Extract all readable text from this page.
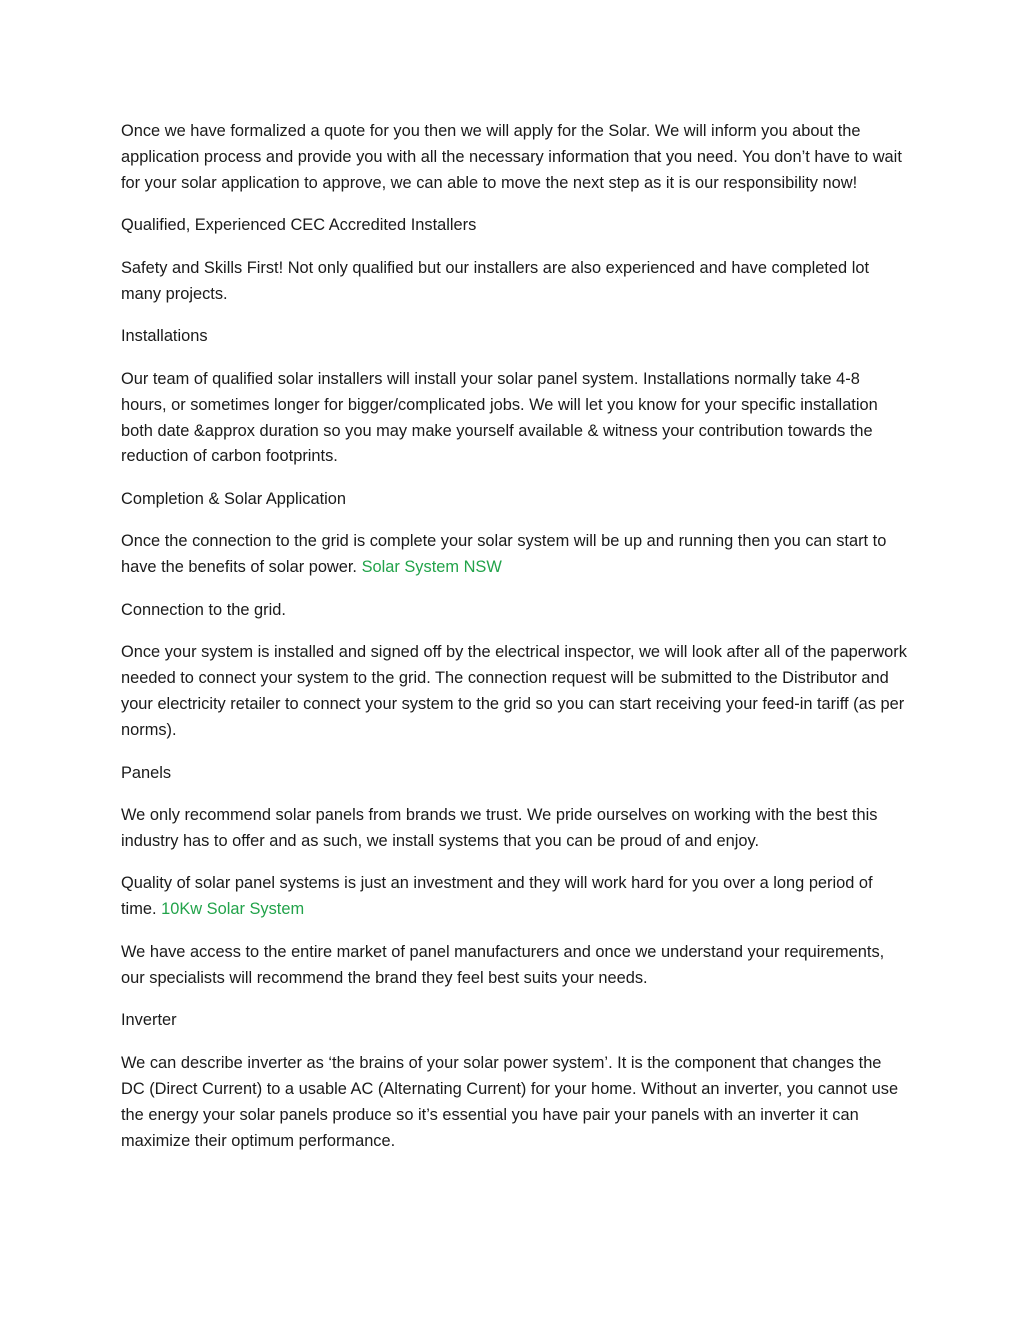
Once we have formalized a quote for you then we will apply for the Solar. We will inform you about the application process and provide you with all the necessary information that you need. You don’t have to wait for your solar application to approve, we can able to move the next step as it is our responsibility now!

Qualified, Experienced CEC Accredited Installers

Safety and Skills First! Not only qualified but our installers are also experienced and have completed lot many projects.

Installations

Our team of qualified solar installers will install your solar panel system. Installations normally take 4-8 hours, or sometimes longer for bigger/complicated jobs. We will let you know for your specific installation both date &approx duration so you may make yourself available & witness your contribution towards the reduction of carbon footprints.

Completion & Solar Application

Once the connection to the grid is complete your solar system will be up and running then you can start to have the benefits of solar power. Solar System NSW

Connection to the grid.

Once your system is installed and signed off by the electrical inspector, we will look after all of the paperwork needed to connect your system to the grid. The connection request will be submitted to the Distributor and your electricity retailer to connect your system to the grid so you can start receiving your feed-in tariff (as per norms).

Panels

We only recommend solar panels from brands we trust. We pride ourselves on working with the best this industry has to offer and as such, we install systems that you can be proud of and enjoy.

Quality of solar panel systems is just an investment and they will work hard for you over a long period of time. 10Kw Solar System

We have access to the entire market of panel manufacturers and once we understand your requirements, our specialists will recommend the brand they feel best suits your needs.

Inverter

We can describe inverter as ‘the brains of your solar power system’. It is the component that changes the DC (Direct Current) to a usable AC (Alternating Current) for your home. Without an inverter, you cannot use the energy your solar panels produce so it’s essential you have pair your panels with an inverter it can maximize their optimum performance.
